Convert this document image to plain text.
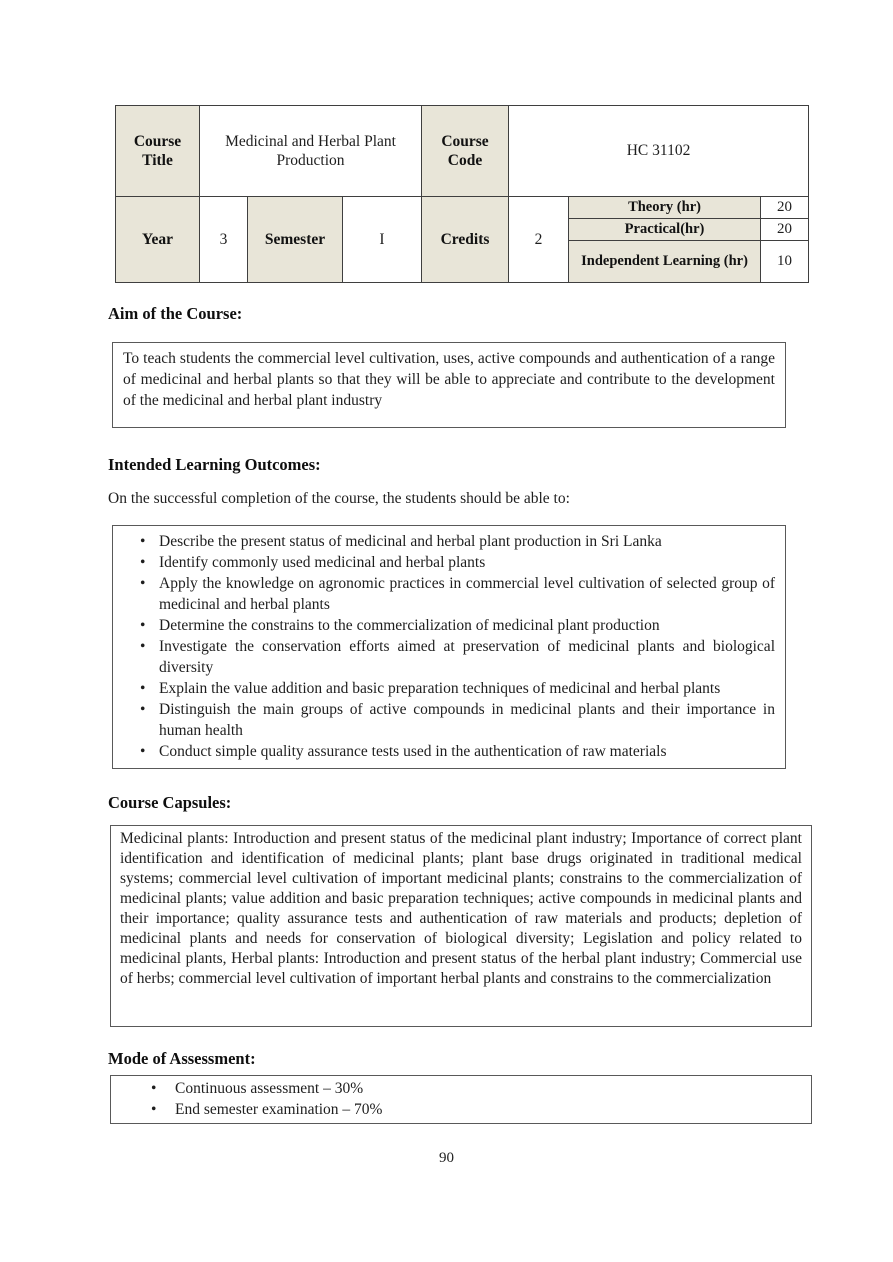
Course Title	Medicinal and Herbal Plant Production			Course Code	HC 31102		
Year	3	Semester	I	Credits	2	Theory (hr)	20
						Practical(hr)	20
						Independent Learning (hr)	10
Aim of the Course:
To teach students the commercial level cultivation, uses, active compounds and authentication of a range of medicinal and herbal plants so that they will be able to appreciate and contribute to the development of the medicinal and herbal plant industry
Intended Learning Outcomes:
On the successful completion of the course, the students should be able to:
• Describe the present status of medicinal and herbal plant production in Sri Lanka
• Identify commonly used medicinal and herbal plants
• Apply the knowledge on agronomic practices in commercial level cultivation of selected group of medicinal and herbal plants
• Determine the constrains to the commercialization of medicinal plant production
• Investigate the conservation efforts aimed at preservation of medicinal plants and biological diversity
• Explain the value addition and basic preparation techniques of medicinal and herbal plants
• Distinguish the main groups of active compounds in medicinal plants and their importance in human health
• Conduct simple quality assurance tests used in the authentication of raw materials
Course Capsules:
Medicinal plants: Introduction and present status of the medicinal plant industry; Importance of correct plant identification and identification of medicinal plants; plant base drugs originated in traditional medical systems; commercial level cultivation of important medicinal plants; constrains to the commercialization of medicinal plants; value addition and basic preparation techniques; active compounds in medicinal plants and their importance; quality assurance tests and authentication of raw materials and products; depletion of medicinal plants and needs for conservation of biological diversity; Legislation and policy related to medicinal plants, Herbal plants: Introduction and present status of the herbal plant industry; Commercial use of herbs; commercial level cultivation of important herbal plants and constrains to the commercialization
Mode of Assessment:
• Continuous assessment – 30%
• End semester examination – 70%
90
